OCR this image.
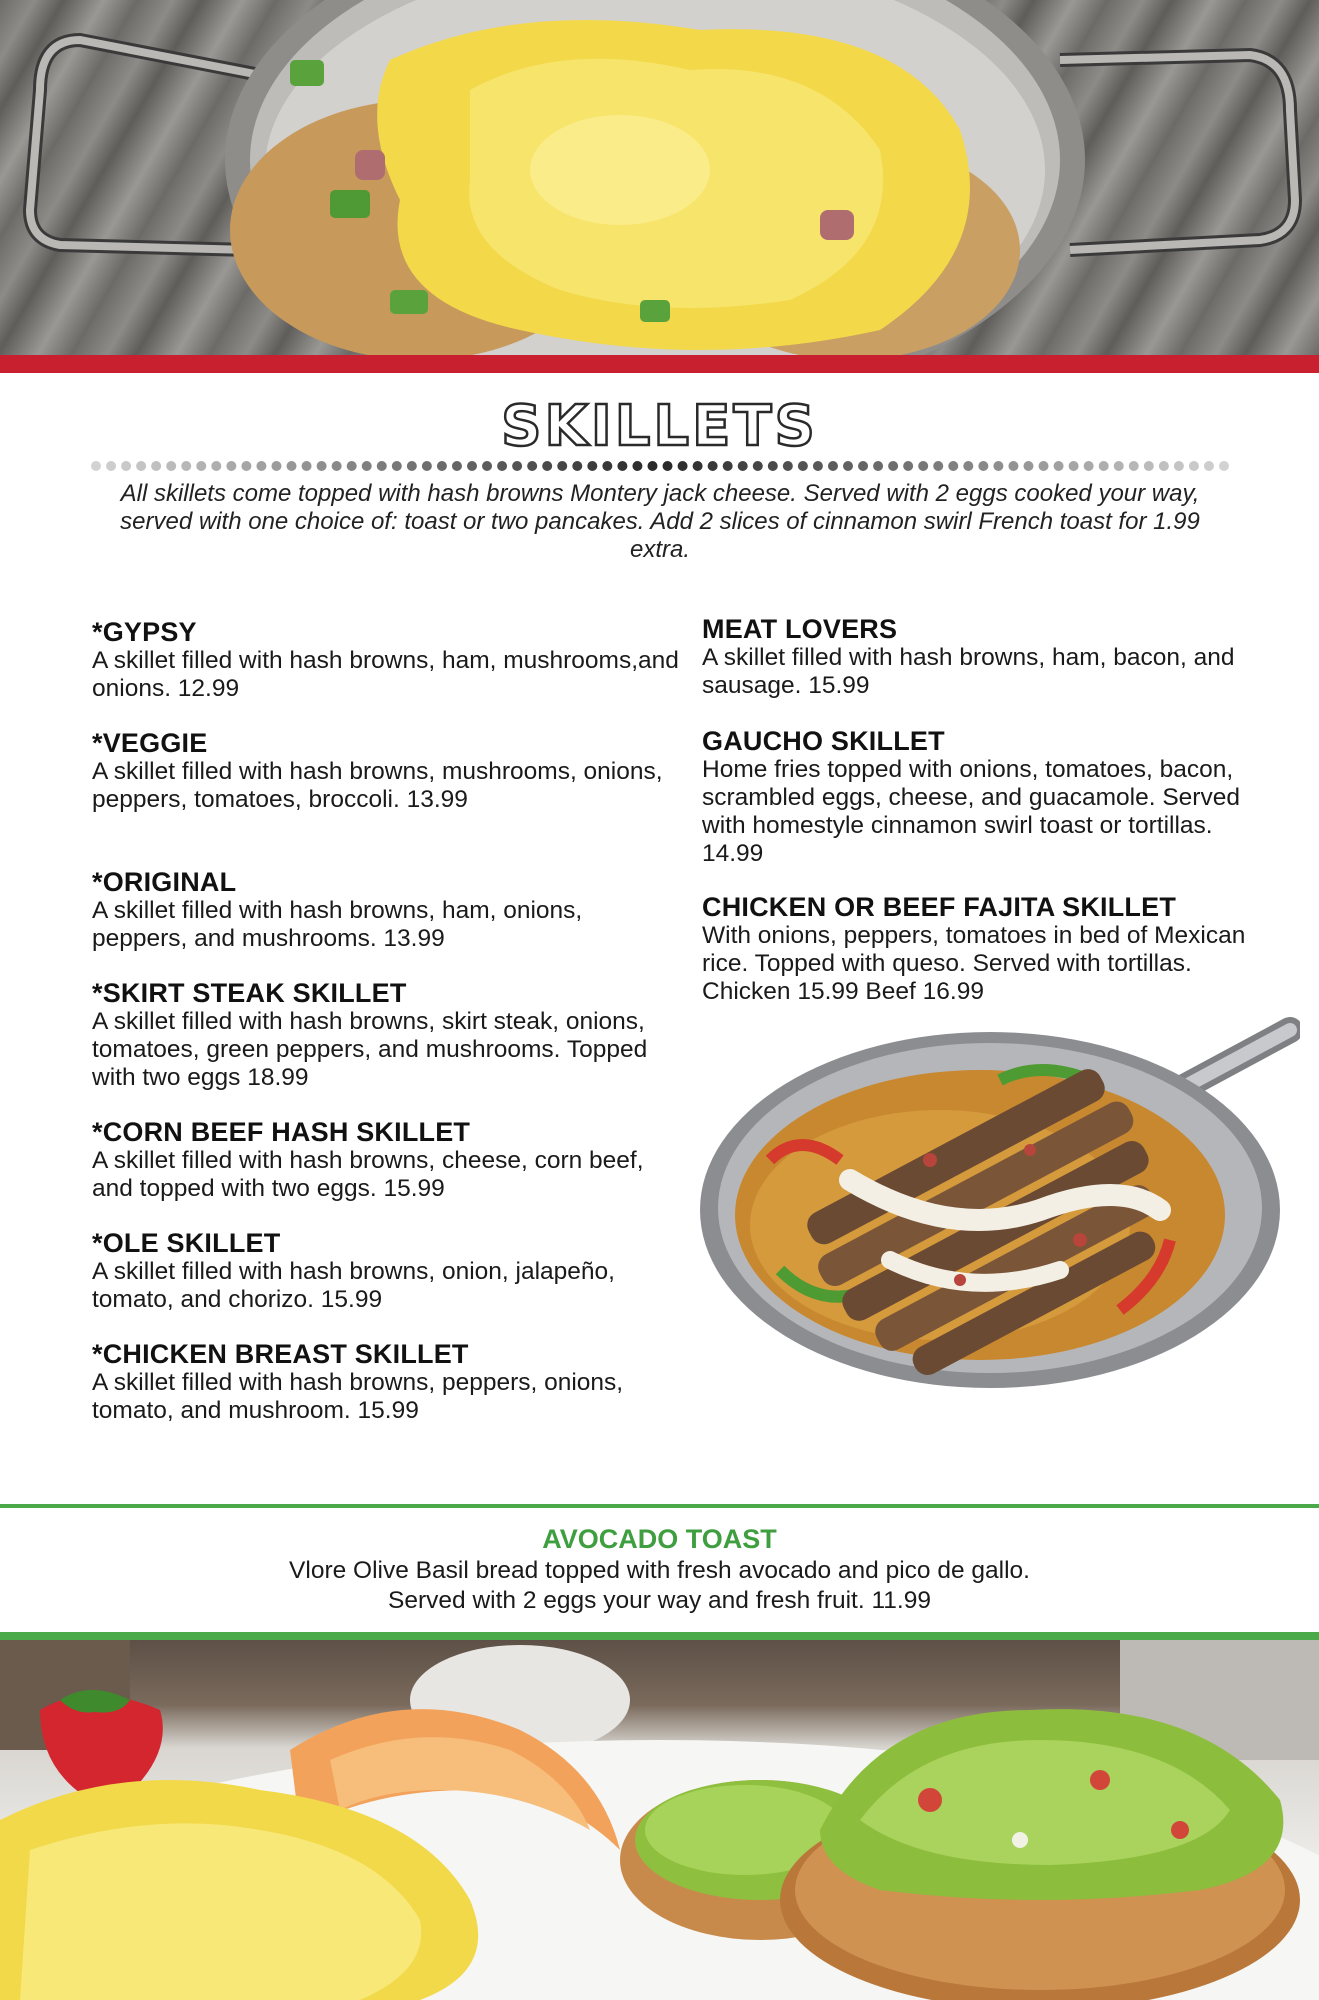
SKILLETS
All skillets come topped with hash browns Montery jack cheese. Served with 2 eggs cooked your way, served with one choice of: toast or two pancakes. Add 2 slices of cinnamon swirl French toast for 1.99 extra.
*GYPSY
A skillet filled with hash browns, ham, mushrooms,and onions. 12.99
*VEGGIE
A skillet filled with hash browns, mushrooms, onions, peppers, tomatoes, broccoli. 13.99
*ORIGINAL
A skillet filled with hash browns, ham, onions, peppers, and mushrooms. 13.99
*SKIRT STEAK SKILLET
A skillet filled with hash browns, skirt steak, onions, tomatoes, green peppers, and mushrooms. Topped with two eggs 18.99
*CORN BEEF HASH SKILLET
A skillet filled with hash browns, cheese, corn beef, and topped with two eggs. 15.99
*OLE SKILLET
A skillet filled with hash browns, onion, jalapeño, tomato, and chorizo. 15.99
*CHICKEN BREAST SKILLET
A skillet filled with hash browns, peppers, onions, tomato, and mushroom. 15.99
MEAT LOVERS
A skillet filled with hash browns, ham, bacon, and sausage. 15.99
GAUCHO SKILLET
Home fries topped with onions, tomatoes, bacon, scrambled eggs, cheese, and guacamole. Served with homestyle cinnamon swirl toast or tortillas. 14.99
CHICKEN OR BEEF FAJITA SKILLET
With onions, peppers, tomatoes in bed of Mexican rice. Topped with queso. Served with tortillas. Chicken 15.99 Beef 16.99
AVOCADO TOAST
Vlore Olive Basil bread topped with fresh avocado and pico de gallo.
Served with 2 eggs your way and fresh fruit. 11.99
